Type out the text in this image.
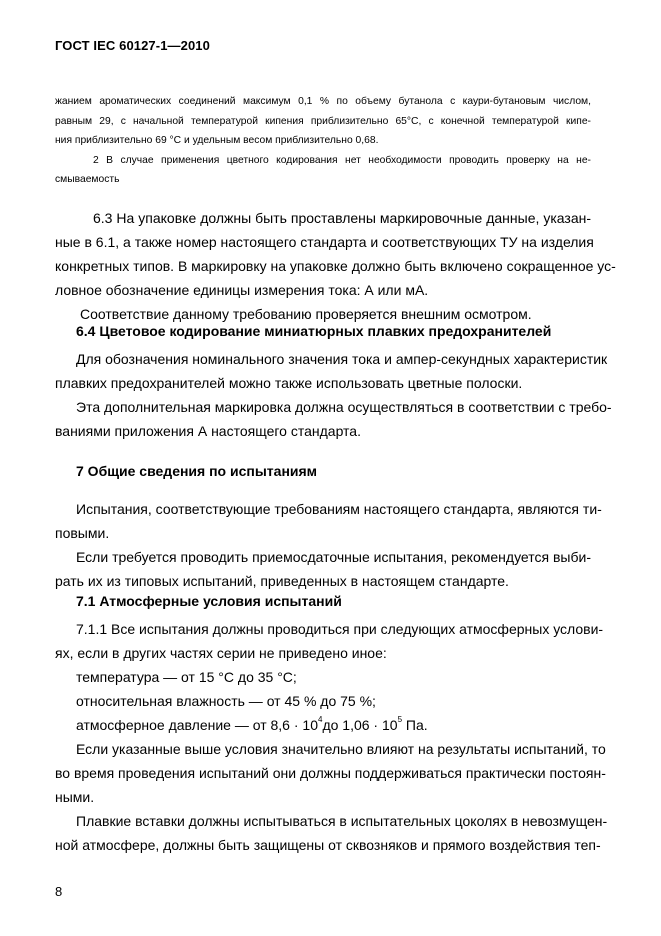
ГОСТ IEC 60127-1—2010
жанием ароматических соединений максимум 0,1 % по объему бутанола с каури-бутановым числом,
равным 29, с начальной температурой кипения приблизительно 65°С, с конечной температурой кипе-
ния приблизительно 69 °С и удельным весом приблизительно 0,68.
2 В случае применения цветного кодирования нет необходимости проводить проверку на не-
смываемость
6.3 На упаковке должны быть проставлены маркировочные данные, указан-
ные в 6.1, а также номер настоящего стандарта и соответствующих ТУ на изделия
конкретных типов. В маркировку на упаковке должно быть включено сокращенное ус-
ловное обозначение единицы измерения тока: А или мА.
Соответствие данному требованию проверяется внешним осмотром.
6.4 Цветовое кодирование миниатюрных плавких предохранителей
Для обозначения номинального значения тока и ампер-секундных характеристик
плавких предохранителей можно также использовать цветные полоски.
Эта дополнительная маркировка должна осуществляться в соответствии с требо-
ваниями приложения А настоящего стандарта.
7 Общие сведения по испытаниям
Испытания, соответствующие требованиям настоящего стандарта, являются ти-
повыми.
Если требуется проводить приемосдаточные испытания, рекомендуется выби-
рать их из типовых испытаний, приведенных в настоящем стандарте.
7.1 Атмосферные условия испытаний
7.1.1 Все испытания должны проводиться при следующих атмосферных услови-
ях, если в других частях серии не приведено иное:
температура — от 15 °С до 35 °С;
относительная влажность — от 45 % до 75 %;
атмосферное давление — от $8,6 \cdot 10^4до$ $1,06 \cdot 10^5$ Па.
Если указанные выше условия значительно влияют на результаты испытаний, то
во время проведения испытаний они должны поддерживаться практически постоян-
ными.
Плавкие вставки должны испытываться в испытательных цоколях в невозмущен-
ной атмосфере, должны быть защищены от сквозняков и прямого воздействия теп-
8
